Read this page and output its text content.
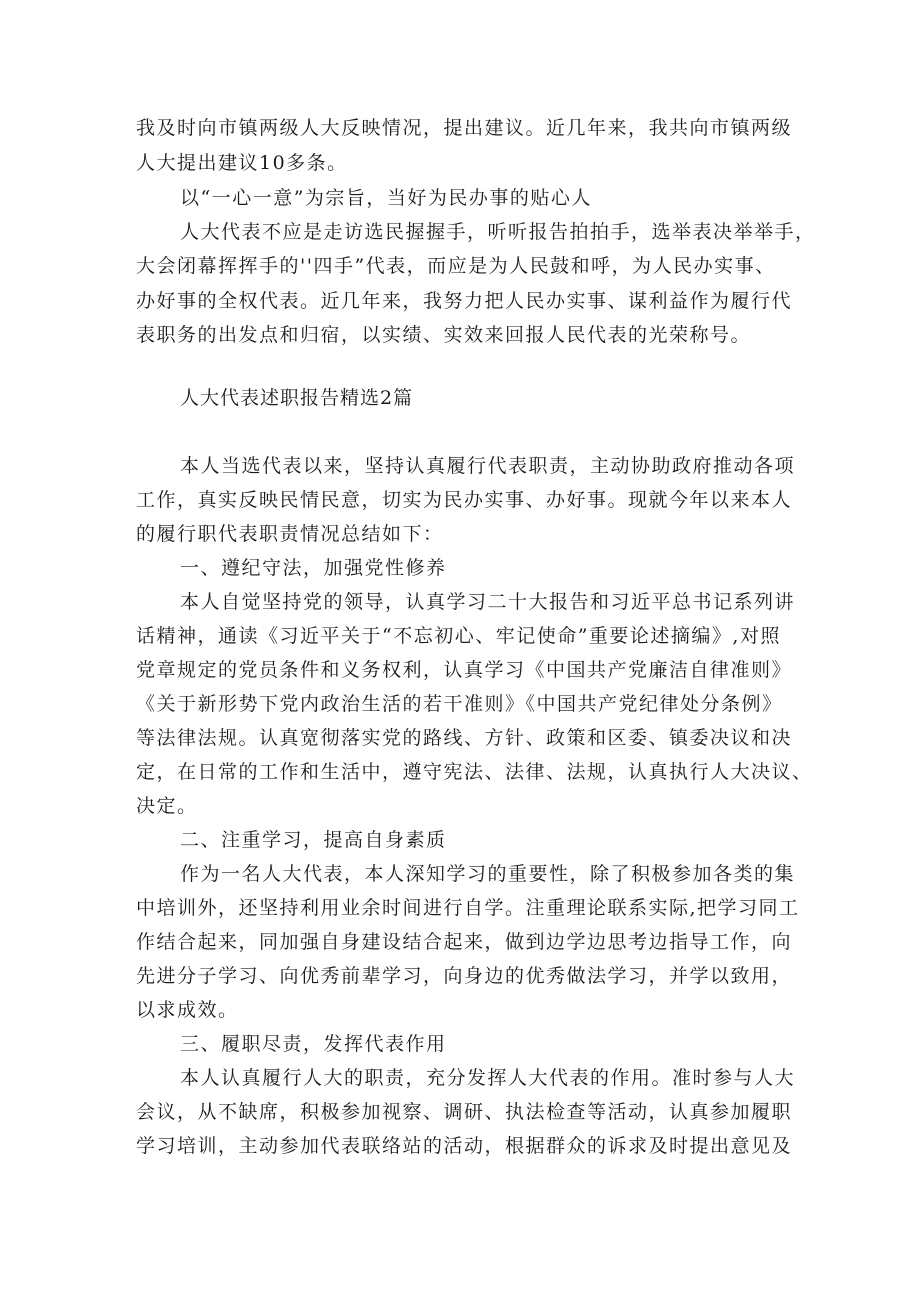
我及时向市镇两级人大反映情况，提出建议。近几年来，我共向市镇两级
人大提出建议10多条。
以“一心一意”为宗旨，当好为民办事的贴心人
人大代表不应是走访选民握握手，听听报告拍拍手，选举表决举举手，
大会闭幕挥挥手的''四手”代表，而应是为人民鼓和呼，为人民办实事、
办好事的全权代表。近几年来，我努力把人民办实事、谋利益作为履行代
表职务的出发点和归宿，以实绩、实效来回报人民代表的光荣称号。
人大代表述职报告精选2篇
本人当选代表以来，坚持认真履行代表职责，主动协助政府推动各项
工作，真实反映民情民意，切实为民办实事、办好事。现就今年以来本人
的履行职代表职责情况总结如下：
一、遵纪守法，加强党性修养
本人自觉坚持党的领导，认真学习二十大报告和习近平总书记系列讲
话精神，通读《习近平关于“不忘初心、牢记使命”重要论述摘编》,对照
党章规定的党员条件和义务权利，认真学习《中国共产党廉洁自律准则》
《关于新形势下党内政治生活的若干准则》《中国共产党纪律处分条例》
等法律法规。认真宽彻落实党的路线、方针、政策和区委、镇委决议和决
定，在日常的工作和生活中，遵守宪法、法律、法规，认真执行人大决议、
决定。
二、注重学习，提高自身素质
作为一名人大代表，本人深知学习的重要性，除了积极参加各类的集
中培训外，还坚持利用业余时间进行自学。注重理论联系实际,把学习同工
作结合起来，同加强自身建设结合起来，做到边学边思考边指导工作，向
先进分子学习、向优秀前辈学习，向身边的优秀做法学习，并学以致用，
以求成效。
三、履职尽责，发挥代表作用
本人认真履行人大的职责，充分发挥人大代表的作用。准时参与人大
会议，从不缺席，积极参加视察、调研、执法检查等活动，认真参加履职
学习培训，主动参加代表联络站的活动，根据群众的诉求及时提出意见及
